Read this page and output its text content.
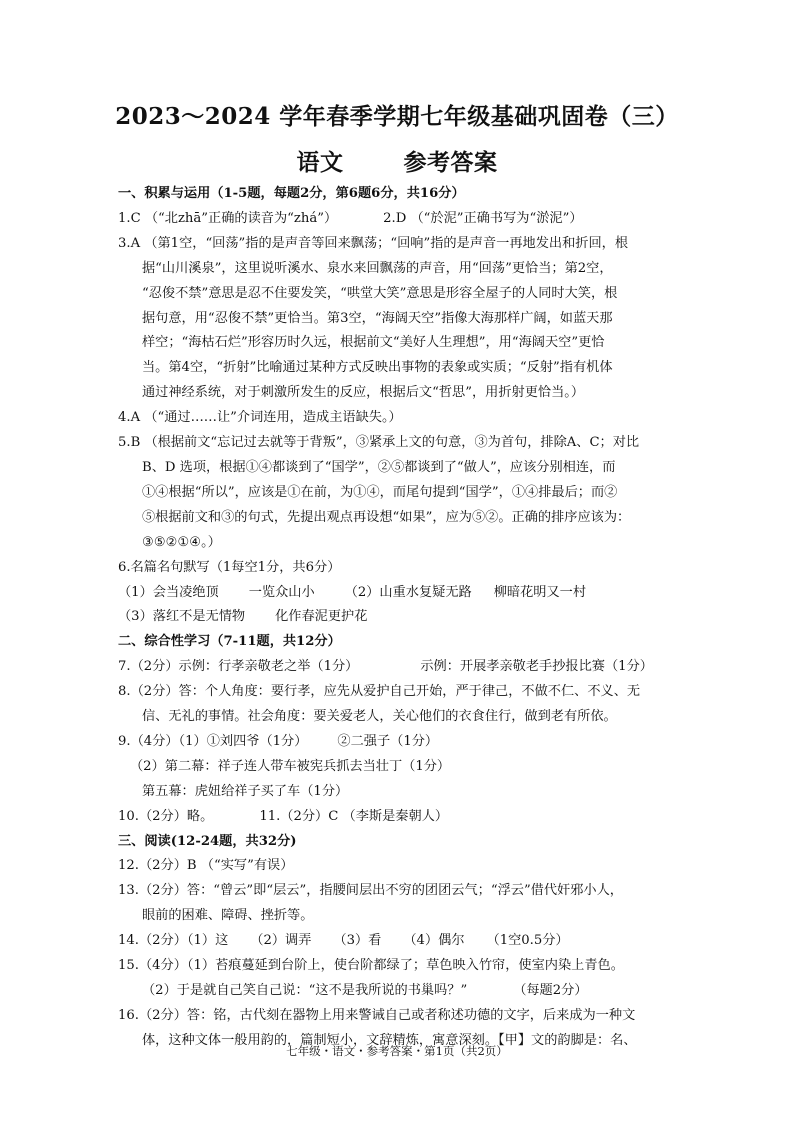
2023～2024 学年春季学期七年级基础巩固卷（三）
语文	参考答案

一、积累与运用（1-5题，每题2分，第6题6分，共16分）

1.C （“北zhā”正确的读音为“zhá”）	2.D （“於泥”正确书写为“淤泥”）

3.A （第1空，“回荡”指的是声音等回来飘荡；“回响”指的是声音一再地发出和折回，根

据“山川溪泉”，这里说听溪水、泉水来回飘荡的声音，用“回荡”更恰当；第2空，

“忍俊不禁”意思是忍不住要发笑，“哄堂大笑”意思是形容全屋子的人同时大笑，根

据句意，用“忍俊不禁”更恰当。第3空，“海阔天空”指像大海那样广阔，如蓝天那

样空；“海枯石烂”形容历时久远，根据前文“美好人生理想”，用“海阔天空”更恰

当。第4空，“折射”比喻通过某种方式反映出事物的表象或实质；“反射”指有机体

通过神经系统，对于刺激所发生的反应，根据后文“哲思”，用折射更恰当。）

4.A （“通过……让”介词连用，造成主语缺失。）

5.B （根据前文“忘记过去就等于背叛”，③紧承上文的句意，③为首句，排除A、C；对比

B、D 选项，根据①④都谈到了“国学”，②⑤都谈到了“做人”，应该分别相连，而

①④根据“所以”，应该是①在前，为①④，而尾句提到“国学”，①④排最后；而②

⑤根据前文和③的句式，先提出观点再设想“如果”，应为⑤②。正确的排序应该为：

③⑤②①④。）

6.名篇名句默写（1每空1分，共6分）

（1）会当凌绝顶 一览众山小 （2）山重水复疑无路 柳暗花明又一村

（3）落红不是无情物 化作春泥更护花

二、综合性学习（7-11题，共12分）

7.（2分）示例：行孝亲敬老之举（1分）	示例：开展孝亲敬老手抄报比赛（1分）

8.（2分）答：个人角度：要行孝，应先从爱护自己开始，严于律己，不做不仁、不义、无

信、无礼的事情。社会角度：要关爱老人，关心他们的衣食住行，做到老有所依。

9.（4分）（1）①刘四爷（1分） ②二强子（1分）

（2）第二幕：祥子连人带车被宪兵抓去当壮丁（1分）

第五幕：虎妞给祥子买了车（1分）

10.（2分）略。	11.（2分）C （李斯是秦朝人）

三、阅读(12-24题，共32分)

12.（2分）B （“实写”有误）

13.（2分）答：“曾云”即“层云”，指腰间层出不穷的团团云气；“浮云”借代奸邪小人，

眼前的困难、障碍、挫折等。

14.（2分）（1）这 （2）调弄 （3）看 （4）偶尔 （1空0.5分）

15.（4分）（1）苔痕蔓延到台阶上，使台阶都绿了；草色映入竹帘，使室内染上青色。

（2）于是就自己笑自己说：“这不是我所说的书巢吗？”	（每题2分）

16.（2分）答：铭，古代刻在器物上用来警诫自己或者称述功德的文字，后来成为一种文

体，这种文体一般用韵的，篇制短小，文辞精炼，寓意深刻。【甲】文的韵脚是：名、

七年级・语文・参考答案・第1页（共2页）
